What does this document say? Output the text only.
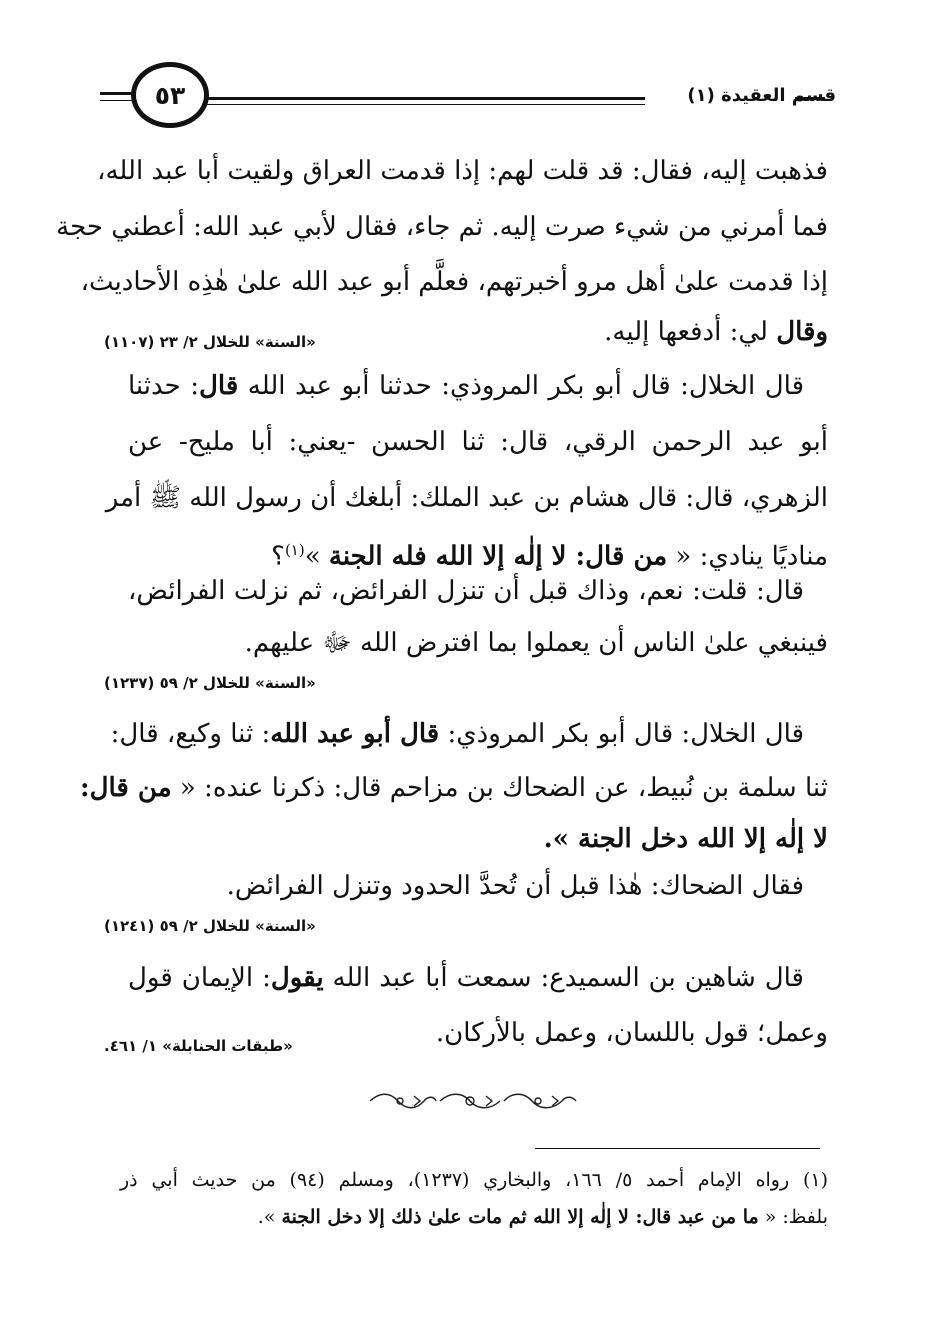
٥٣	قسم العقيدة (١)
فذهبت إليه، فقال: قد قلت لهم: إذا قدمت العراق ولقيت أبا عبد الله،
فما أمرني من شيء صرت إليه. ثم جاء، فقال لأبي عبد الله: أعطني حجة
إذا قدمت علىٰ أهل مرو أخبرتهم، فعلَّم أبو عبد الله علىٰ هٰذِه الأحاديث،
وقال لي: أدفعها إليه.
«السنة» للخلال ٢/ ٢٣ (١١٠٧)
قال الخلال: قال أبو بكر المروذي: حدثنا أبو عبد الله قال: حدثنا
أبو عبد الرحمن الرقي، قال: ثنا الحسن -يعني: أبا مليح- عن
الزهري، قال: قال هشام بن عبد الملك: أبلغك أن رسول الله ﷺ أمر
مناديًا ينادي: « من قال: لا إلٰه إلا الله فله الجنة »$^{(١)}$؟
قال: قلت: نعم، وذاك قبل أن تنزل الفرائض، ثم نزلت الفرائض،
فينبغي علىٰ الناس أن يعملوا بما افترض الله ﷻ عليهم.
«السنة» للخلال ٢/ ٥٩ (١٢٣٧)
قال الخلال: قال أبو بكر المروذي: قال أبو عبد الله: ثنا وكيع، قال:
ثنا سلمة بن نُبيط، عن الضحاك بن مزاحم قال: ذكرنا عنده: « من قال:
لا إلٰه إلا الله دخل الجنة ».
فقال الضحاك: هٰذا قبل أن تُحدَّ الحدود وتنزل الفرائض.
«السنة» للخلال ٢/ ٥٩ (١٢٤١)
قال شاهين بن السميدع: سمعت أبا عبد الله يقول: الإيمان قول
وعمل؛ قول باللسان، وعمل بالأركان.
«طبقات الحنابلة» ١/ ٤٦١.
(١) رواه الإمام أحمد ٥/ ١٦٦، والبخاري (١٢٣٧)، ومسلم (٩٤) من حديث أبي ذر
بلفظ: « ما من عبد قال: لا إلٰه إلا الله ثم مات علىٰ ذلك إلا دخل الجنة ».
